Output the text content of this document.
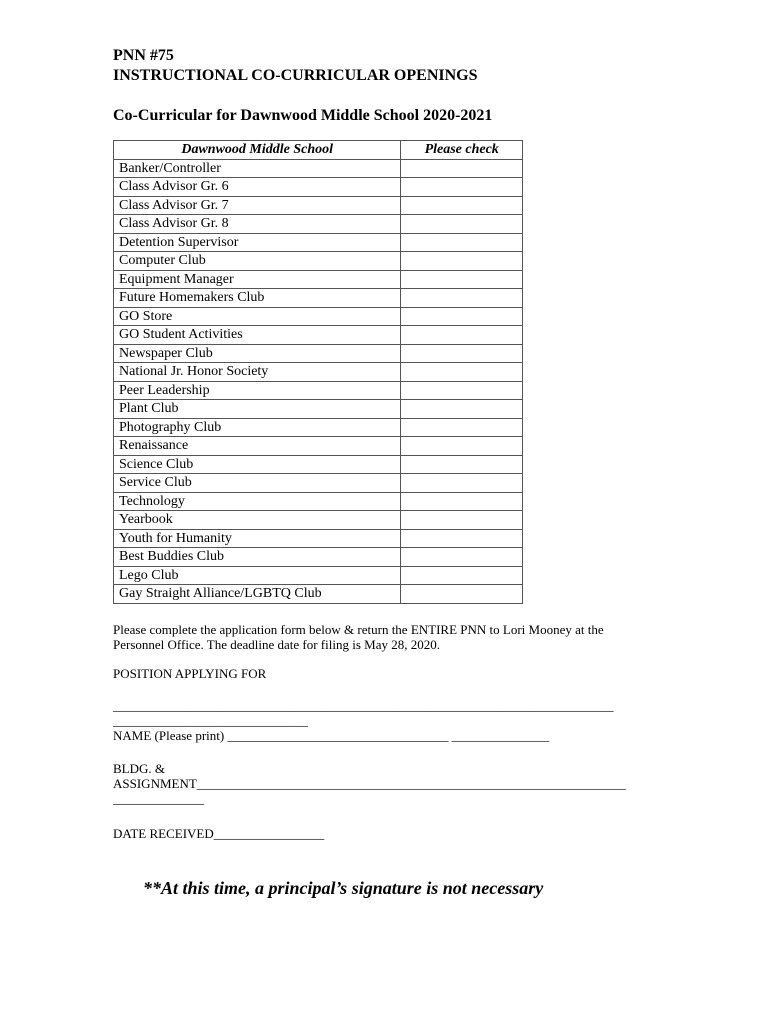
PNN #75

INSTRUCTIONAL CO-CURRICULAR OPENINGS

Co-Curricular for Dawnwood Middle School 2020-2021

Dawnwood Middle School	Please check
Banker/Controller	
Class Advisor Gr. 6	
Class Advisor Gr. 7	
Class Advisor Gr. 8	
Detention Supervisor	
Computer Club	
Equipment Manager	
Future Homemakers Club	
GO Store	
GO Student Activities	
Newspaper Club	
National Jr. Honor Society	
Peer Leadership	
Plant Club	
Photography Club	
Renaissance	
Science Club	
Service Club	
Technology	
Yearbook	
Youth for Humanity	
Best Buddies Club	
Lego Club	
Gay Straight Alliance/LGBTQ Club	

Please complete the application form below & return the ENTIRE PNN to Lori Mooney at the Personnel Office. The deadline date for filing is May 28, 2020.

POSITION APPLYING FOR

_____________________________________________________________________________

______________________________

NAME (Please print) __________________________________ _______________

BLDG. &

ASSIGNMENT__________________________________________________________________

______________

DATE RECEIVED_________________

**At this time, a principal’s signature is not necessary
